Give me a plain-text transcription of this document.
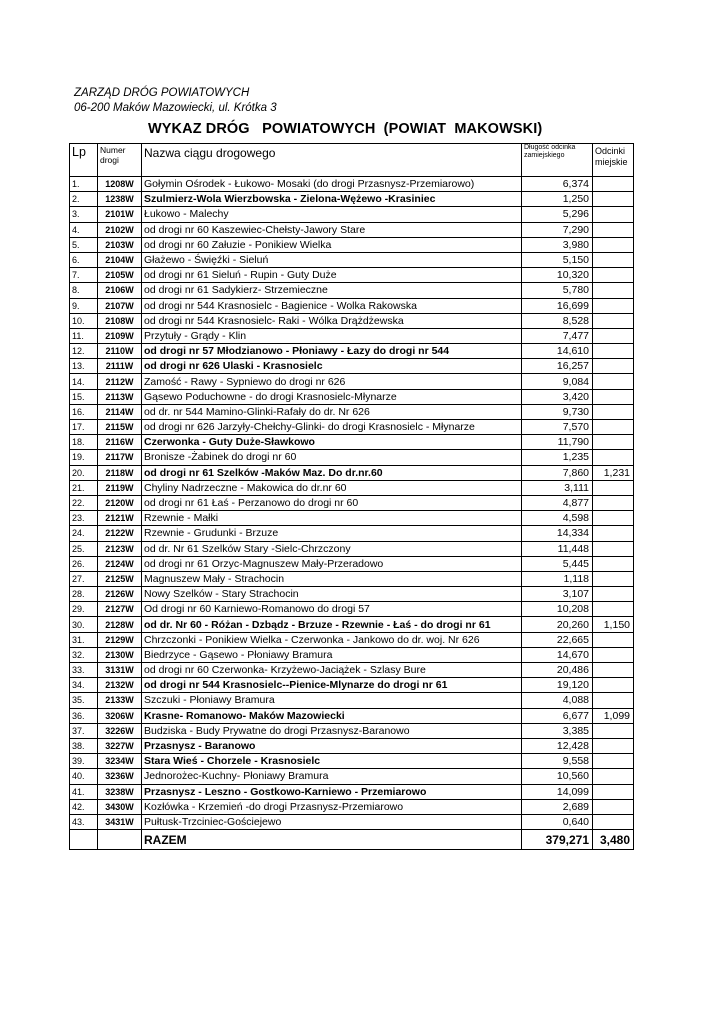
ZARZĄD DRÓG POWIATOWYCH
06-200 Maków Mazowiecki, ul. Krótka 3
WYKAZ DRÓG   POWIATOWYCH  (POWIAT  MAKOWSKI)
Lp	Numer drogi	Nazwa ciągu drogowego	Długość odcinka zamiejskiego	Odcinki miejskie
1.	1208W	Gołymin Ośrodek - Łukowo- Mosaki (do drogi Przasnysz-Przemiarowo)	6,374	
2.	1238W	Szulmierz-Wola Wierzbowska - Zielona-Wężewo -Krasiniec	1,250	
3.	2101W	Łukowo - Malechy	5,296	
4.	2102W	od drogi nr 60 Kaszewiec-Chełsty-Jawory Stare	7,290	
5.	2103W	od drogi nr 60 Załuzie - Ponikiew Wielka	3,980	
6.	2104W	Głażewo - Święźki - Sieluń	5,150	
7.	2105W	od drogi nr 61 Sieluń - Rupin - Guty Duże	10,320	
8.	2106W	od drogi nr 61 Sadykierz- Strzemieczne	5,780	
9.	2107W	od drogi nr 544 Krasnosielc - Bagienice - Wolka Rakowska	16,699	
10.	2108W	od drogi nr 544 Krasnosielc- Raki - Wólka Drążdżewska	8,528	
11.	2109W	Przytuły - Grądy - Klin	7,477	
12.	2110W	od drogi nr 57 Młodzianowo - Płoniawy - Łazy do drogi nr 544	14,610	
13.	2111W	od drogi nr 626 Ulaski - Krasnosielc	16,257	
14.	2112W	Zamość - Rawy - Sypniewo do drogi nr 626	9,084	
15.	2113W	Gąsewo Poduchowne - do drogi Krasnosielc-Młynarze	3,420	
16.	2114W	od dr. nr 544 Mamino-Glinki-Rafały do dr. Nr 626	9,730	
17.	2115W	od drogi nr 626 Jarzyły-Chełchy-Glinki- do drogi Krasnosielc - Młynarze	7,570	
18.	2116W	Czerwonka - Guty Duże-Sławkowo	11,790	
19.	2117W	Bronisze -Żabinek do drogi nr 60	1,235	
20.	2118W	od drogi nr 61 Szelków -Maków Maz. Do dr.nr.60	7,860	1,231
21.	2119W	Chyliny Nadrzeczne - Makowica do dr.nr 60	3,111	
22.	2120W	od drogi nr 61 Łaś - Perzanowo do drogi nr 60	4,877	
23.	2121W	Rzewnie - Małki	4,598	
24.	2122W	Rzewnie - Grudunki - Brzuze	14,334	
25.	2123W	od dr. Nr 61 Szelków Stary -Sielc-Chrzczony	11,448	
26.	2124W	od drogi nr 61 Orzyc-Magnuszew Mały-Przeradowo	5,445	
27.	2125W	Magnuszew Mały - Strachocin	1,118	
28.	2126W	Nowy Szelków - Stary Strachocin	3,107	
29.	2127W	Od drogi nr 60 Karniewo-Romanowo do drogi 57	10,208	
30.	2128W	od dr. Nr 60 - Różan - Dzbądz - Brzuze - Rzewnie - Łaś - do drogi nr 61	20,260	1,150
31.	2129W	Chrzczonki - Ponikiew Wielka - Czerwonka - Jankowo do dr. woj. Nr 626	22,665	
32.	2130W	Biedrzyce - Gąsewo - Płoniawy Bramura	14,670	
33.	3131W	od drogi nr 60 Czerwonka- Krzyżewo-Jaciążek - Szlasy Bure	20,486	
34.	2132W	od drogi nr 544 Krasnosielc--Pienice-Mlynarze do drogi nr 61	19,120	
35.	2133W	Szczuki - Płoniawy Bramura	4,088	
36.	3206W	Krasne- Romanowo- Maków Mazowiecki	6,677	1,099
37.	3226W	Budziska - Budy Prywatne do drogi Przasnysz-Baranowo	3,385	
38.	3227W	Przasnysz - Baranowo	12,428	
39.	3234W	Stara Wieś - Chorzele - Krasnosielc	9,558	
40.	3236W	Jednorożec-Kuchny- Płoniawy Bramura	10,560	
41.	3238W	Przasnysz - Leszno - Gostkowo-Karniewo - Przemiarowo	14,099	
42.	3430W	Kozłówka - Krzemień -do drogi Przasnysz-Przemiarowo	2,689	
43.	3431W	Pułtusk-Trzciniec-Gościejewo	0,640	
		RAZEM	379,271	3,480
